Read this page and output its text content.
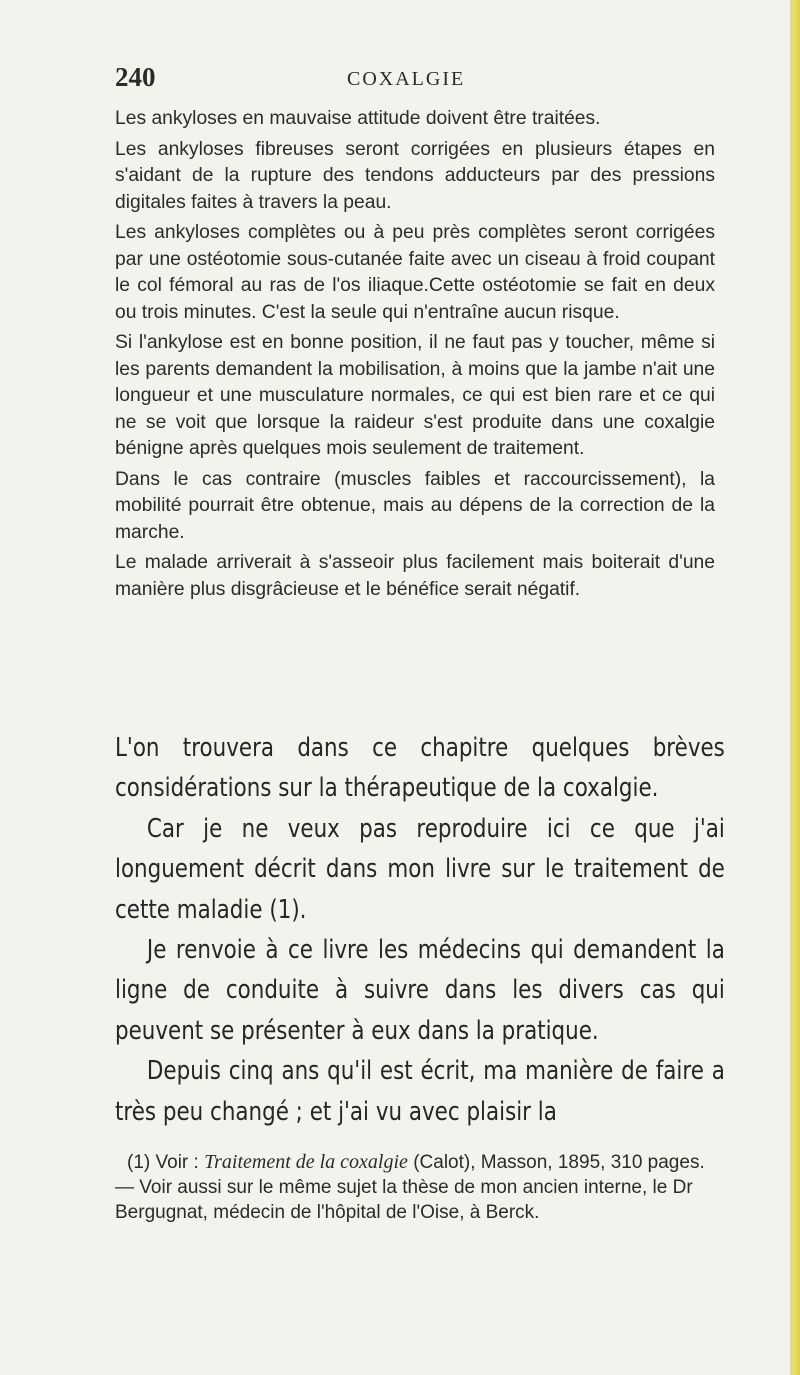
240	COXALGIE

Les ankyloses en mauvaise attitude doivent être traitées.

Les ankyloses fibreuses seront corrigées en plusieurs étapes en s'aidant de la rupture des tendons adducteurs par des pressions digitales faites à travers la peau.

Les ankyloses complètes ou à peu près complètes seront corrigées par une ostéotomie sous-cutanée faite avec un ciseau à froid coupant le col fémoral au ras de l'os iliaque.Cette ostéotomie se fait en deux ou trois minutes. C'est la seule qui n'entraîne aucun risque.

Si l'ankylose est en bonne position, il ne faut pas y toucher, même si les parents demandent la mobilisation, à moins que la jambe n'ait une longueur et une musculature normales, ce qui est bien rare et ce qui ne se voit que lorsque la raideur s'est produite dans une coxalgie bénigne après quelques mois seulement de traitement.

Dans le cas contraire (muscles faibles et raccourcissement), la mobilité pourrait être obtenue, mais au dépens de la correction de la marche.

Le malade arriverait à s'asseoir plus facilement mais boiterait d'une manière plus disgrâcieuse et le bénéfice serait négatif.

L'on trouvera dans ce chapitre quelques brèves considérations sur la thérapeutique de la coxalgie.

Car je ne veux pas reproduire ici ce que j'ai longuement décrit dans mon livre sur le traitement de cette maladie (1).

Je renvoie à ce livre les médecins qui demandent la ligne de conduite à suivre dans les divers cas qui peuvent se présenter à eux dans la pratique.

Depuis cinq ans qu'il est écrit, ma manière de faire a très peu changé ; et j'ai vu avec plaisir la

(1) Voir : Traitement de la coxalgie (Calot), Masson, 1895, 310 pages. — Voir aussi sur le même sujet la thèse de mon ancien interne, le Dr Bergugnat, médecin de l'hôpital de l'Oise, à Berck.
